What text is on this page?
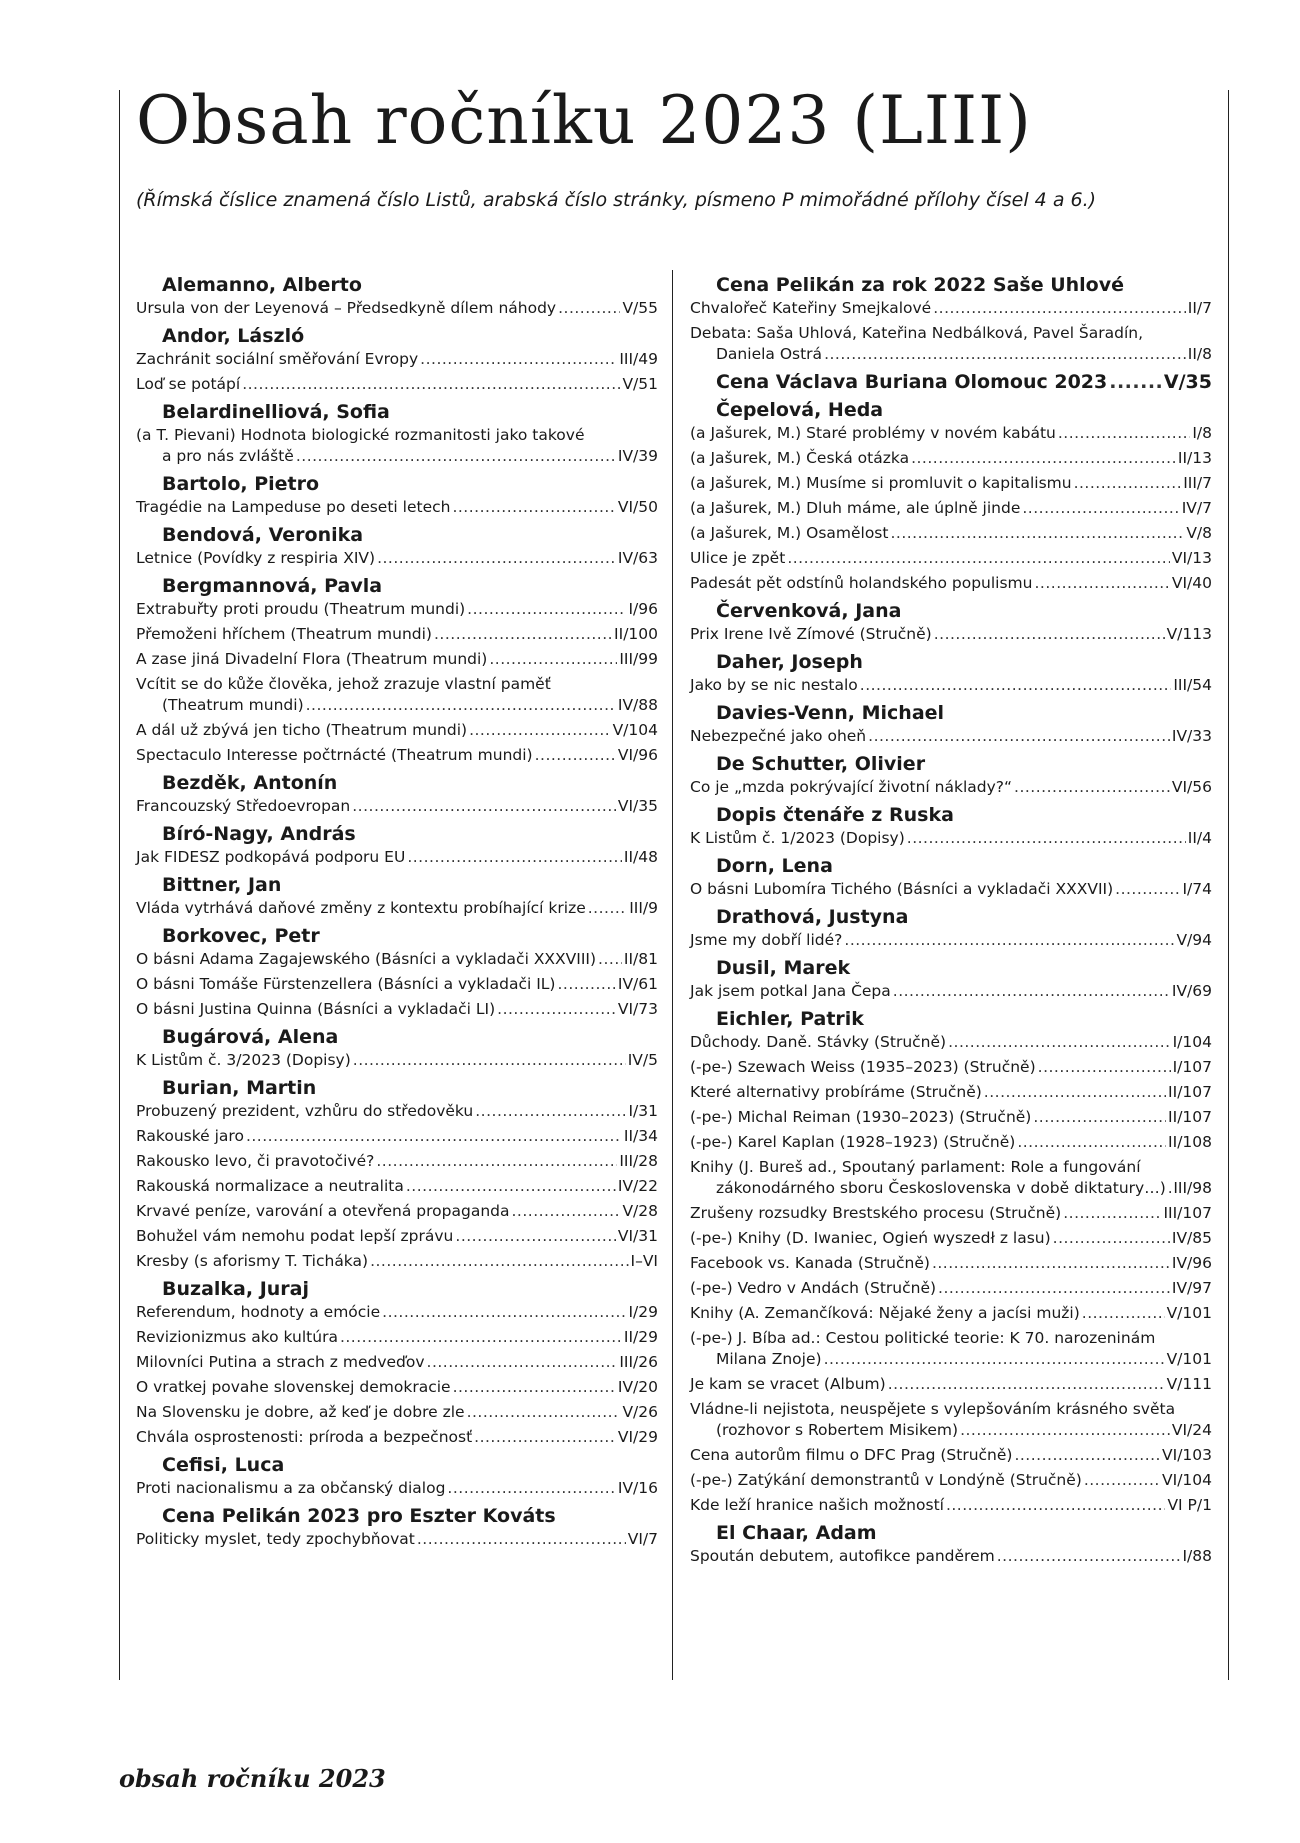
Obsah ročníku 2023 (LIII)
(Římská číslice znamená číslo Listů, arabská číslo stránky, písmeno P mimořádné přílohy čísel 4 a 6.)
Alemanno, Alberto
Ursula von der Leyenová – Předsedkyně dílem náhody .....	V/55
Andor, László
Zachránit sociální směřování Evropy .....	III/49
Loď se potápí .....	V/51
Belardinelliová, Sofia
(a T. Pievani) Hodnota biologické rozmanitosti jako takové
a pro nás zvláště .....	IV/39
Bartolo, Pietro
Tragédie na Lampeduse po deseti letech .....	VI/50
Bendová, Veronika
Letnice (Povídky z respiria XIV) .....	IV/63
Bergmannová, Pavla
Extrabuřty proti proudu (Theatrum mundi) .....	I/96
Přemoženi hříchem (Theatrum mundi) .....	II/100
A zase jiná Divadelní Flora (Theatrum mundi) .....	III/99
Vcítit se do kůže člověka, jehož zrazuje vlastní paměť
(Theatrum mundi) .....	IV/88
A dál už zbývá jen ticho (Theatrum mundi) .....	V/104
Spectaculo Interesse počtrnácté (Theatrum mundi) .....	VI/96
Bezděk, Antonín
Francouzský Středoevropan .....	VI/35
Bíró-Nagy, András
Jak FIDESZ podkopává podporu EU .....	II/48
Bittner, Jan
Vláda vytrhává daňové změny z kontextu probíhající krize .....	III/9
Borkovec, Petr
O básni Adama Zagajewského (Básníci a vykladači XXXVIII) ..... II/81
O básni Tomáše Fürstenzellera (Básníci a vykladači IL) .....	IV/61
O básni Justina Quinna (Básníci a vykladači LI) .....	VI/73
Bugárová, Alena
K Listům č. 3/2023 (Dopisy) .....	IV/5
Burian, Martin
Probuzený prezident, vzhůru do středověku .....	I/31
Rakouské jaro .....	II/34
Rakousko levo, či pravotočivé? .....	III/28
Rakouská normalizace a neutralita .....	IV/22
Krvavé peníze, varování a otevřená propaganda .....	V/28
Bohužel vám nemohu podat lepší zprávu .....	VI/31
Kresby (s aforismy T. Ticháka) .....	I–VI
Buzalka, Juraj
Referendum, hodnoty a emócie .....	I/29
Revizionizmus ako kultúra .....	II/29
Milovníci Putina a strach z medveďov .....	III/26
O vratkej povahe slovenskej demokracie .....	IV/20
Na Slovensku je dobre, až keď je dobre zle .....	V/26
Chvála osprostenosti: príroda a bezpečnosť .....	VI/29
Cefisi, Luca
Proti nacionalismu a za občanský dialog .....	IV/16
Cena Pelikán 2023 pro Eszter Kováts
Politicky myslet, tedy zpochybňovat .....	VI/7
Cena Pelikán za rok 2022 Saše Uhlové
Chvalořeč Kateřiny Smejkalové .....	II/7
Debata: Saša Uhlová, Kateřina Nedbálková, Pavel Šaradín,
Daniela Ostrá .....	II/8
Cena Václava Buriana Olomouc 2023 .....	V/35
Čepelová, Heda
(a Jašurek, M.) Staré problémy v novém kabátu .....	I/8
(a Jašurek, M.) Česká otázka .....	II/13
(a Jašurek, M.) Musíme si promluvit o kapitalismu .....	III/7
(a Jašurek, M.) Dluh máme, ale úplně jinde .....	IV/7
(a Jašurek, M.) Osamělost .....	V/8
Ulice je zpět .....	VI/13
Padesát pět odstínů holandského populismu .....	VI/40
Červenková, Jana
Prix Irene Ivě Zímové (Stručně) .....	V/113
Daher, Joseph
Jako by se nic nestalo .....	III/54
Davies-Venn, Michael
Nebezpečné jako oheň .....	IV/33
De Schutter, Olivier
Co je „mzda pokrývající životní náklady?“ .....	VI/56
Dopis čtenáře z Ruska
K Listům č. 1/2023 (Dopisy) .....	II/4
Dorn, Lena
O básni Lubomíra Tichého (Básníci a vykladači XXXVII) .....	I/74
Drathová, Justyna
Jsme my dobří lidé? .....	V/94
Dusil, Marek
Jak jsem potkal Jana Čepa .....	IV/69
Eichler, Patrik
Důchody. Daně. Stávky (Stručně) .....	I/104
(-pe-) Szewach Weiss (1935–2023) (Stručně) .....	I/107
Které alternativy probíráme (Stručně) .....	II/107
(-pe-) Michal Reiman (1930–2023) (Stručně) .....	II/107
(-pe-) Karel Kaplan (1928–1923) (Stručně) .....	II/108
Knihy (J. Bureš ad., Spoutaný parlament: Role a fungování
zákonodárného sboru Československa v době diktatury…) ..... III/98
Zrušeny rozsudky Brestského procesu (Stručně) .....	III/107
(-pe-) Knihy (D. Iwaniec, Ogień wyszedł z lasu) .....	IV/85
Facebook vs. Kanada (Stručně) .....	IV/96
(-pe-) Vedro v Andách (Stručně) .....	IV/97
Knihy (A. Zemančíková: Nějaké ženy a jacísi muži) .....	V/101
(-pe-) J. Bíba ad.: Cestou politické teorie: K 70. narozeninám
Milana Znoje) .....	V/101
Je kam se vracet (Album) .....	V/111
Vládne-li nejistota, neuspějete s vylepšováním krásného světa
(rozhovor s Robertem Misikem) .....	VI/24
Cena autorům filmu o DFC Prag (Stručně) .....	VI/103
(-pe-) Zatýkání demonstrantů v Londýně (Stručně) .....	VI/104
Kde leží hranice našich možností .....	VI P/1
El Chaar, Adam
Spoután debutem, autofikce panděrem .....	I/88
obsah ročníku 2023
